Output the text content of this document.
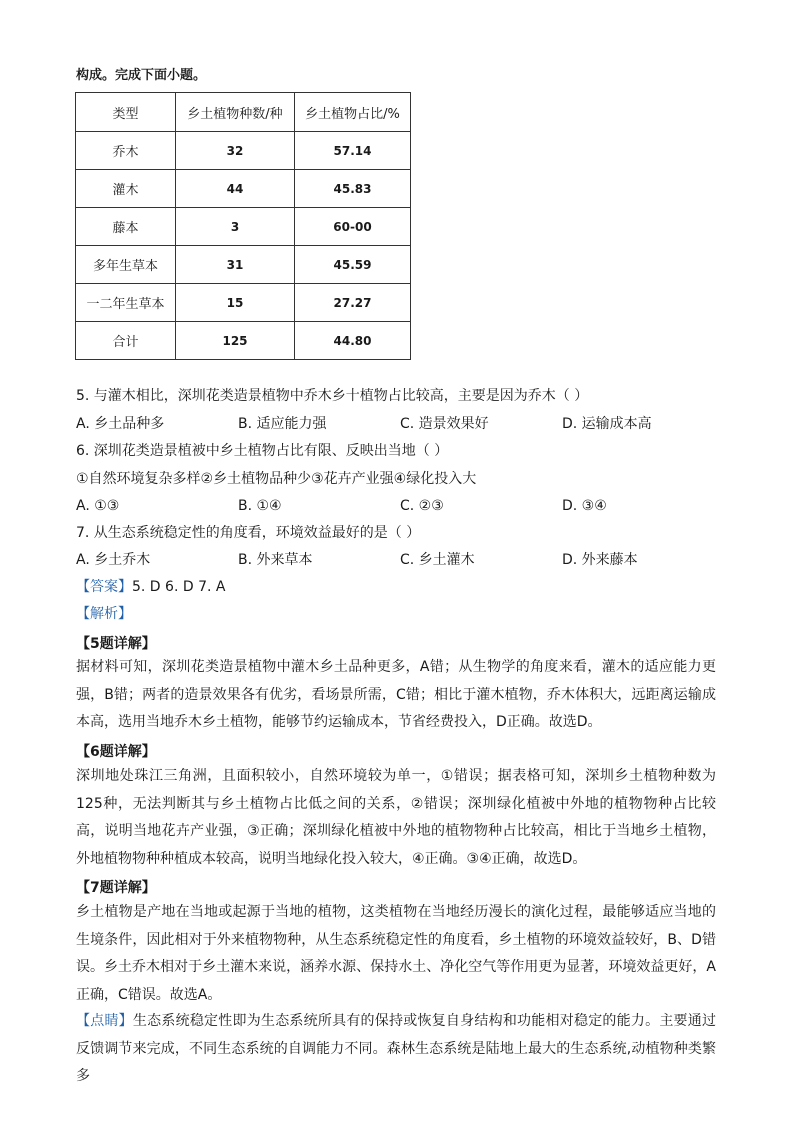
构成。完成下面小题。
类型	乡土植物种数/种	乡土植物占比/%
乔木	32	57.14
灌木	44	45.83
藤本	3	60-00
多年生草本	31	45.59
一二年生草本	15	27.27
合计	125	44.80
5. 与灌木相比，深圳花类造景植物中乔木乡十植物占比较高，主要是因为乔木（ ）
A. 乡土品种多	B. 适应能力强	C. 造景效果好	D. 运输成本高
6. 深圳花类造景植被中乡土植物占比有限、反映出当地（ ）
①自然环境复杂多样②乡土植物品种少③花卉产业强④绿化投入大
A. ①③	B. ①④	C. ②③	D. ③④
7. 从生态系统稳定性的角度看，环境效益最好的是（ ）
A. 乡土乔木	B. 外来草本	C. 乡土灌木	D. 外来藤本
【答案】5. D 6. D 7. A
【解析】
【5题详解】
据材料可知，深圳花类造景植物中灌木乡土品种更多，A错；从生物学的角度来看，灌木的适应能力更强，B错；两者的造景效果各有优劣，看场景所需，C错；相比于灌木植物，乔木体积大，远距离运输成本高，选用当地乔木乡土植物，能够节约运输成本，节省经费投入，D正确。故选D。
【6题详解】
深圳地处珠江三角洲，且面积较小，自然环境较为单一，①错误；据表格可知，深圳乡土植物种数为125种，无法判断其与乡土植物占比低之间的关系，②错误；深圳绿化植被中外地的植物物种占比较高，说明当地花卉产业强，③正确；深圳绿化植被中外地的植物物种占比较高，相比于当地乡土植物，外地植物物种种植成本较高，说明当地绿化投入较大，④正确。③④正确，故选D。
【7题详解】
乡土植物是产地在当地或起源于当地的植物，这类植物在当地经历漫长的演化过程，最能够适应当地的生境条件，因此相对于外来植物物种，从生态系统稳定性的角度看，乡土植物的环境效益较好，B、D错误。乡土乔木相对于乡土灌木来说，涵养水源、保持水土、净化空气等作用更为显著，环境效益更好，A正确，C错误。故选A。
【点睛】生态系统稳定性即为生态系统所具有的保持或恢复自身结构和功能相对稳定的能力。主要通过反馈调节来完成，不同生态系统的自调能力不同。森林生态系统是陆地上最大的生态系统,动植物种类繁多
